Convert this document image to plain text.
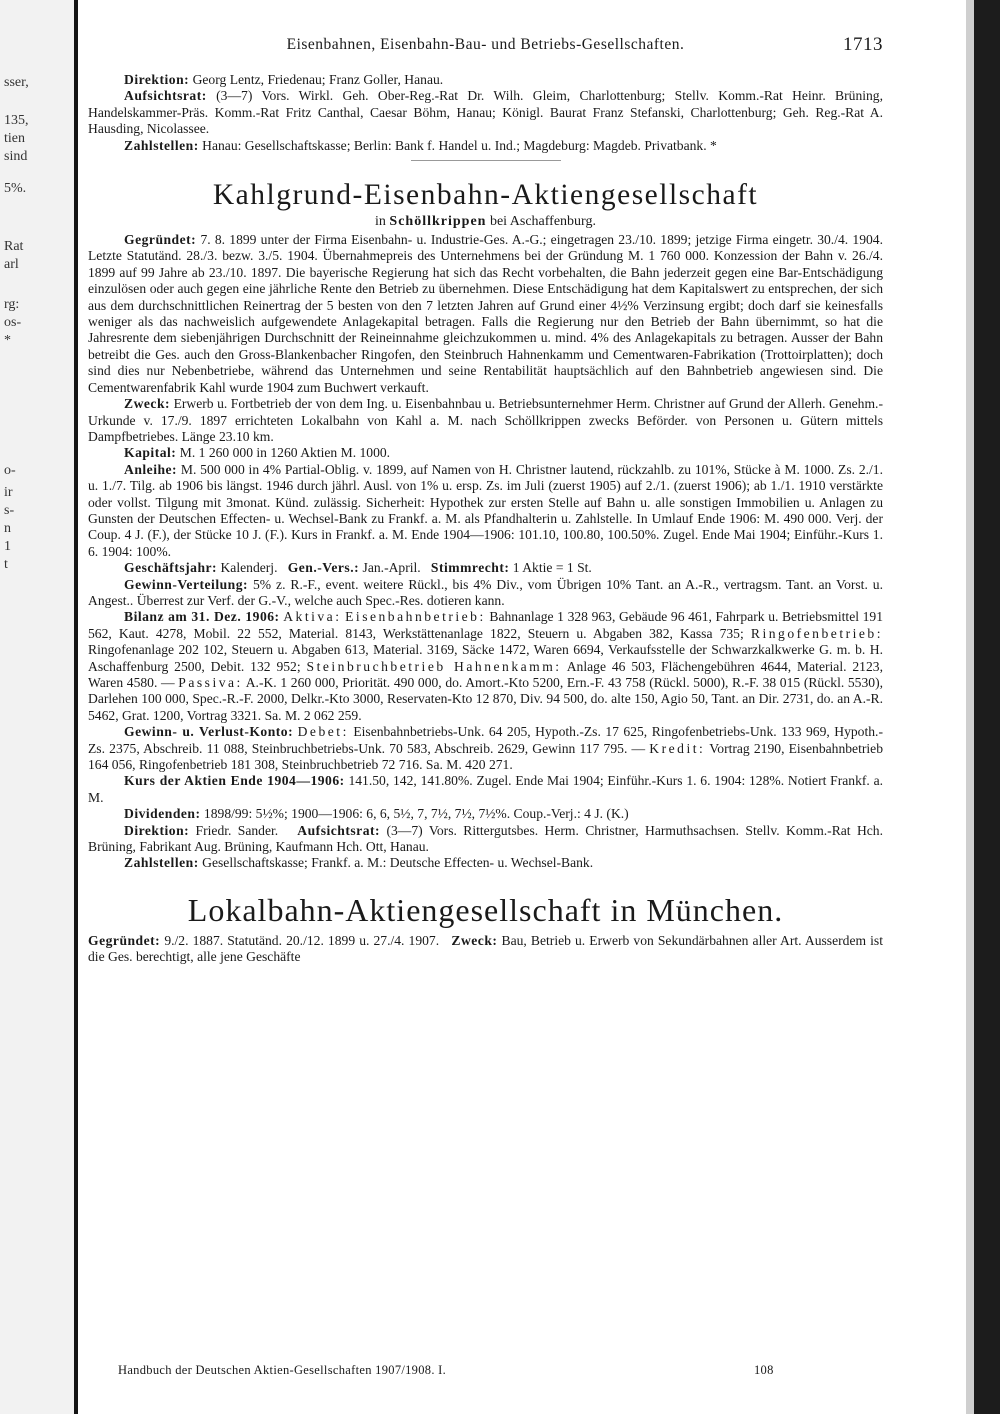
sser,
135,
tien
sind
5%.
Rat
arl
rg:
os-
*
o-
ir
s-
n
1
t
Eisenbahnen, Eisenbahn-Bau- und Betriebs-Gesellschaften.	1713

Direktion: Georg Lentz, Friedenau; Franz Goller, Hanau.

Aufsichtsrat: (3—7) Vors. Wirkl. Geh. Ober-Reg.-Rat Dr. Wilh. Gleim, Charlottenburg; Stellv. Komm.-Rat Heinr. Brüning, Handelskammer-Präs. Komm.-Rat Fritz Canthal, Caesar Böhm, Hanau; Königl. Baurat Franz Stefanski, Charlottenburg; Geh. Reg.-Rat A. Hausding, Nicolassee.

Zahlstellen: Hanau: Gesellschaftskasse; Berlin: Bank f. Handel u. Ind.; Magdeburg: Magdeb. Privatbank. *

Kahlgrund-Eisenbahn-Aktiengesellschaft

in Schöllkrippen bei Aschaffenburg.

Gegründet: 7. 8. 1899 unter der Firma Eisenbahn- u. Industrie-Ges. A.-G.; eingetragen 23./10. 1899; jetzige Firma eingetr. 30./4. 1904. Letzte Statutänd. 28./3. bezw. 3./5. 1904. Übernahmepreis des Unternehmens bei der Gründung M. 1 760 000. Konzession der Bahn v. 26./4. 1899 auf 99 Jahre ab 23./10. 1897. Die bayerische Regierung hat sich das Recht vorbehalten, die Bahn jederzeit gegen eine Bar-Entschädigung einzulösen oder auch gegen eine jährliche Rente den Betrieb zu übernehmen. Diese Entschädigung hat dem Kapitalswert zu entsprechen, der sich aus dem durchschnittlichen Reinertrag der 5 besten von den 7 letzten Jahren auf Grund einer 4½% Verzinsung ergibt; doch darf sie keinesfalls weniger als das nachweislich aufgewendete Anlagekapital betragen. Falls die Regierung nur den Betrieb der Bahn übernimmt, so hat die Jahresrente dem siebenjährigen Durchschnitt der Reineinnahme gleichzukommen u. mind. 4% des Anlagekapitals zu betragen. Ausser der Bahn betreibt die Ges. auch den Gross-Blankenbacher Ringofen, den Steinbruch Hahnenkamm und Cementwaren-Fabrikation (Trottoirplatten); doch sind dies nur Nebenbetriebe, während das Unternehmen und seine Rentabilität hauptsächlich auf den Bahnbetrieb angewiesen sind. Die Cementwarenfabrik Kahl wurde 1904 zum Buchwert verkauft.

Zweck: Erwerb u. Fortbetrieb der von dem Ing. u. Eisenbahnbau u. Betriebsunternehmer Herm. Christner auf Grund der Allerh. Genehm.-Urkunde v. 17./9. 1897 errichteten Lokalbahn von Kahl a. M. nach Schöllkrippen zwecks Beförder. von Personen u. Gütern mittels Dampfbetriebes. Länge 23.10 km.

Kapital: M. 1 260 000 in 1260 Aktien M. 1000.

Anleihe: M. 500 000 in 4% Partial-Oblig. v. 1899, auf Namen von H. Christner lautend, rückzahlb. zu 101%, Stücke à M. 1000. Zs. 2./1. u. 1./7. Tilg. ab 1906 bis längst. 1946 durch jährl. Ausl. von 1% u. ersp. Zs. im Juli (zuerst 1905) auf 2./1. (zuerst 1906); ab 1./1. 1910 verstärkte oder vollst. Tilgung mit 3monat. Künd. zulässig. Sicherheit: Hypothek zur ersten Stelle auf Bahn u. alle sonstigen Immobilien u. Anlagen zu Gunsten der Deutschen Effecten- u. Wechsel-Bank zu Frankf. a. M. als Pfandhalterin u. Zahlstelle. In Umlauf Ende 1906: M. 490 000. Verj. der Coup. 4 J. (F.), der Stücke 10 J. (F.). Kurs in Frankf. a. M. Ende 1904—1906: 101.10, 100.80, 100.50%. Zugel. Ende Mai 1904; Einführ.-Kurs 1. 6. 1904: 100%.

Geschäftsjahr: Kalenderj. Gen.-Vers.: Jan.-April. Stimmrecht: 1 Aktie = 1 St.

Gewinn-Verteilung: 5% z. R.-F., event. weitere Rückl., bis 4% Div., vom Übrigen 10% Tant. an A.-R., vertragsm. Tant. an Vorst. u. Angest.. Überrest zur Verf. der G.-V., welche auch Spec.-Res. dotieren kann.

Bilanz am 31. Dez. 1906: Aktiva: Eisenbahnbetrieb: Bahnanlage 1 328 963, Gebäude 96 461, Fahrpark u. Betriebsmittel 191 562, Kaut. 4278, Mobil. 22 552, Material. 8143, Werkstättenanlage 1822, Steuern u. Abgaben 382, Kassa 735; Ringofenbetrieb: Ringofenanlage 202 102, Steuern u. Abgaben 613, Material. 3169, Säcke 1472, Waren 6694, Verkaufsstelle der Schwarzkalkwerke G. m. b. H. Aschaffenburg 2500, Debit. 132 952; Steinbruchbetrieb Hahnenkamm: Anlage 46 503, Flächengebühren 4644, Material. 2123, Waren 4580. — Passiva: A.-K. 1 260 000, Priorität. 490 000, do. Amort.-Kto 5200, Ern.-F. 43 758 (Rückl. 5000), R.-F. 38 015 (Rückl. 5530), Darlehen 100 000, Spec.-R.-F. 2000, Delkr.-Kto 3000, Reservaten-Kto 12 870, Div. 94 500, do. alte 150, Agio 50, Tant. an Dir. 2731, do. an A.-R. 5462, Grat. 1200, Vortrag 3321. Sa. M. 2 062 259.

Gewinn- u. Verlust-Konto: Debet: Eisenbahnbetriebs-Unk. 64 205, Hypoth.-Zs. 17 625, Ringofenbetriebs-Unk. 133 969, Hypoth.-Zs. 2375, Abschreib. 11 088, Steinbruchbetriebs-Unk. 70 583, Abschreib. 2629, Gewinn 117 795. — Kredit: Vortrag 2190, Eisenbahnbetrieb 164 056, Ringofenbetrieb 181 308, Steinbruchbetrieb 72 716. Sa. M. 420 271.

Kurs der Aktien Ende 1904—1906: 141.50, 142, 141.80%. Zugel. Ende Mai 1904; Einführ.-Kurs 1. 6. 1904: 128%. Notiert Frankf. a. M.

Dividenden: 1898/99: 5½%; 1900—1906: 6, 6, 5½, 7, 7½, 7½, 7½%. Coup.-Verj.: 4 J. (K.)

Direktion: Friedr. Sander. Aufsichtsrat: (3—7) Vors. Rittergutsbes. Herm. Christner, Harmuthsachsen. Stellv. Komm.-Rat Hch. Brüning, Fabrikant Aug. Brüning, Kaufmann Hch. Ott, Hanau.

Zahlstellen: Gesellschaftskasse; Frankf. a. M.: Deutsche Effecten- u. Wechsel-Bank.

Lokalbahn-Aktiengesellschaft in München.

Gegründet: 9./2. 1887. Statutänd. 20./12. 1899 u. 27./4. 1907. Zweck: Bau, Betrieb u. Erwerb von Sekundärbahnen aller Art. Ausserdem ist die Ges. berechtigt, alle jene Geschäfte

Handbuch der Deutschen Aktien-Gesellschaften 1907/1908. I.	108
